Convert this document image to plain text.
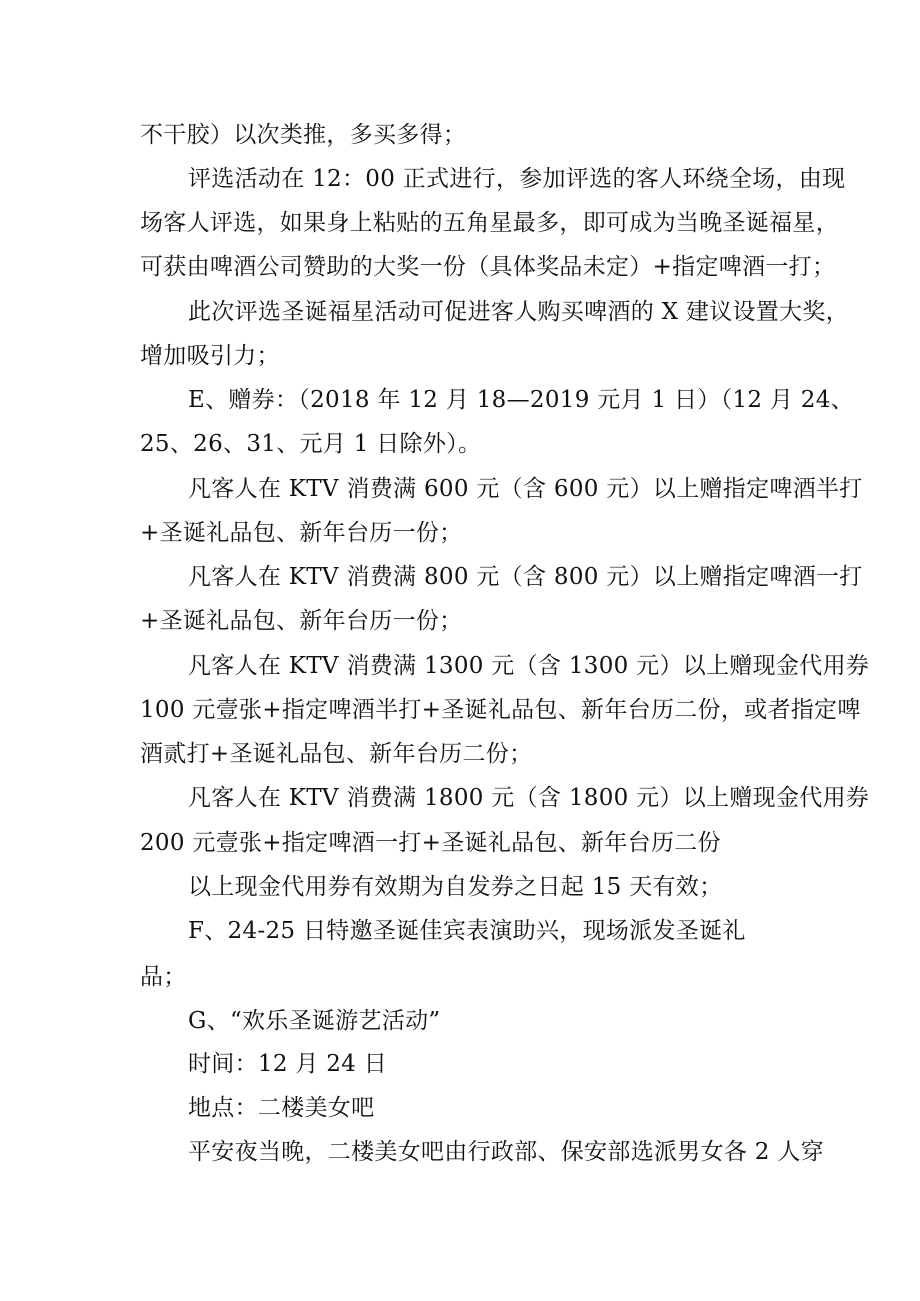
不干胶）以次类推，多买多得；
评选活动在 12：00 正式进行，参加评选的客人环绕全场，由现
场客人评选，如果身上粘贴的五角星最多，即可成为当晚圣诞福星，
可获由啤酒公司赞助的大奖一份（具体奖品未定）+指定啤酒一打；
此次评选圣诞福星活动可促进客人购买啤酒的 X 建议设置大奖，
增加吸引力；
E、赠券：（2018 年 12 月 18—2019 元月 1 日）（12 月 24、
25、26、31、元月 1 日除外）。
凡客人在 KTV 消费满 600 元（含 600 元）以上赠指定啤酒半打
+圣诞礼品包、新年台历一份；
凡客人在 KTV 消费满 800 元（含 800 元）以上赠指定啤酒一打
+圣诞礼品包、新年台历一份；
凡客人在 KTV 消费满 1300 元（含 1300 元）以上赠现金代用券
100 元壹张+指定啤酒半打+圣诞礼品包、新年台历二份，或者指定啤
酒贰打+圣诞礼品包、新年台历二份；
凡客人在 KTV 消费满 1800 元（含 1800 元）以上赠现金代用券
200 元壹张+指定啤酒一打+圣诞礼品包、新年台历二份
以上现金代用券有效期为自发券之日起 15 天有效；
F、24-25 日特邀圣诞佳宾表演助兴，现场派发圣诞礼
品；
G、“欢乐圣诞游艺活动”
时间：12 月 24 日
地点：二楼美女吧
平安夜当晚，二楼美女吧由行政部、保安部选派男女各 2 人穿
